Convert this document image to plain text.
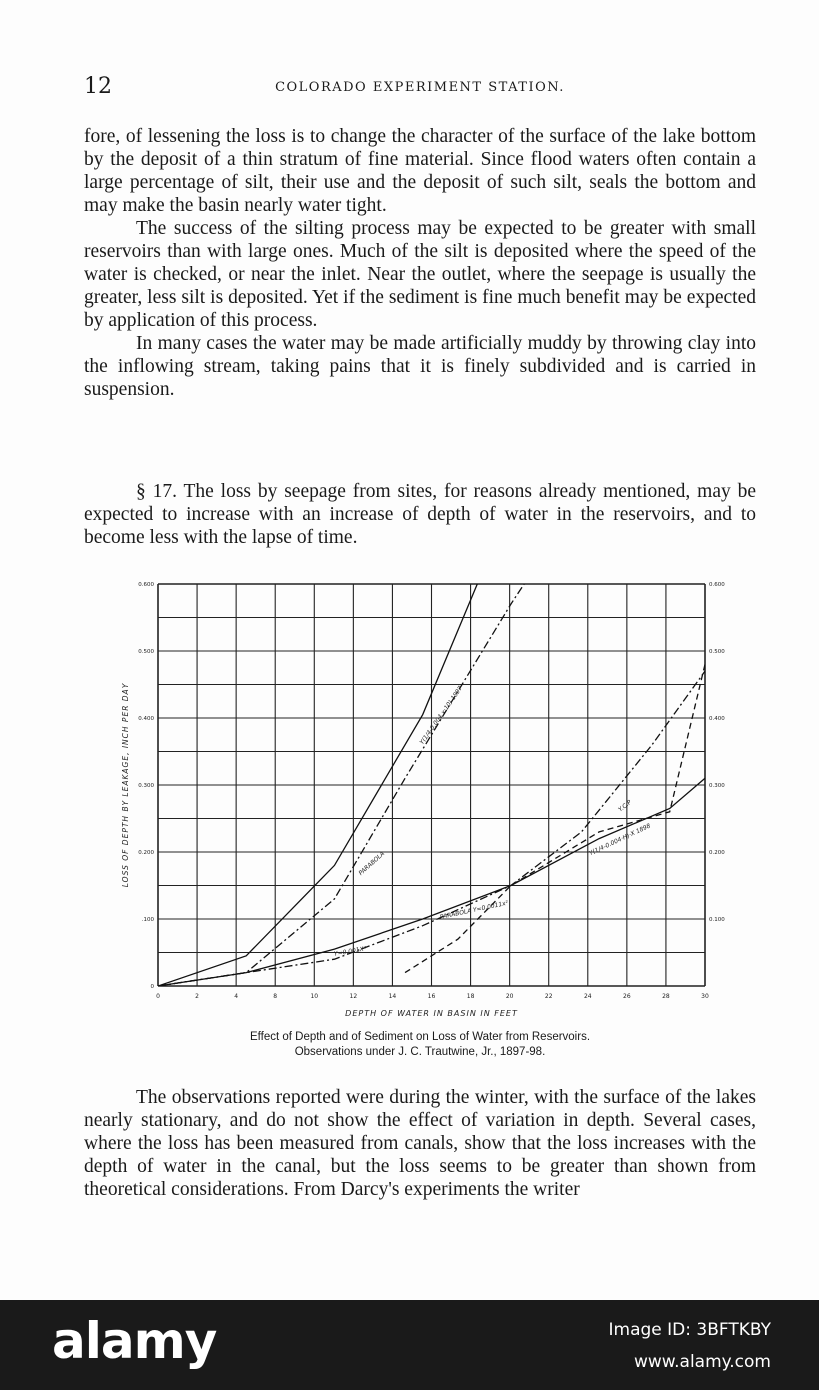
12	COLORADO EXPERIMENT STATION.

fore, of lessening the loss is to change the character of the surface of the lake bottom by the deposit of a thin stratum of fine material. Since flood waters often contain a large percentage of silt, their use and the deposit of such silt, seals the bottom and may make the basin nearly water tight.

The success of the silting process may be expected to be greater with small reservoirs than with large ones. Much of the silt is deposited where the speed of the water is checked, or near the inlet. Near the outlet, where the seepage is usually the greater, less silt is deposited. Yet if the sediment is fine much benefit may be expected by application of this process.

In many cases the water may be made artificially muddy by throwing clay into the inflowing stream, taking pains that it is finely subdivided and is carried in suspension.

§ 17. The loss by seepage from sites, for reasons already mentioned, may be expected to increase with an increase of depth of water in the reservoirs, and to become less with the lapse of time.

0	2	4	8	10	12	14	16	18	20	22	24	26	28	30
0
.100
0.200
0.300
0.400
0.500
0.600
0.100
0.200
0.300
0.400
0.500
0.600
DEPTH OF WATER IN BASIN IN FEET
LOSS OF DEPTH BY LEAKAGE, INCH PER DAY	PARABOLA
Y(1/4-0.004 x·10) 1897
Y.C.P
Y(1/4-0.004·H)·X 1898
PARABOLA Y=0.0011x²
Y=0.001X²
Effect of Depth and of Sediment on Loss of Water from Reservoirs.
Observations under J. C. Trautwine, Jr., 1897-98.

The observations reported were during the winter, with the surface of the lakes nearly stationary, and do not show the effect of variation in depth. Several cases, where the loss has been measured from canals, show that the loss increases with the depth of water in the canal, but the loss seems to be greater than shown from theoretical considerations. From Darcy's experiments the writer

alamy	Image ID: 3BFTKBY
www.alamy.com
